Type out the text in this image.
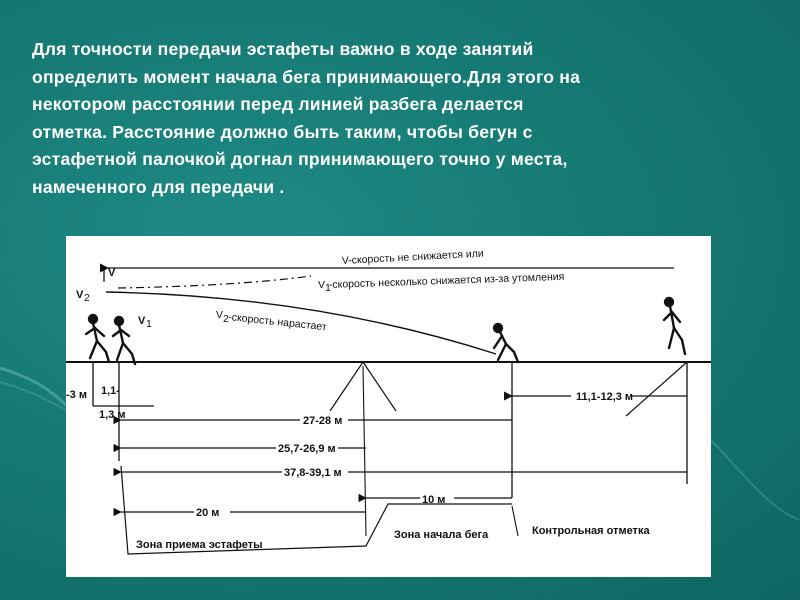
Для точности передачи эстафеты важно в ходе занятий
определить момент начала бега принимающего.Для этого на
некотором расстоянии перед линией разбега делается
отметка. Расстояние должно быть таким, чтобы бегун с
эстафетной палочкой догнал принимающего точно у места,
намеченного для передачи .
V-скорость не снижается или
V 1
-скорость несколько снижается из-за утомления
V 2
-скорость нарастает
V
V 2
V 1
-3 м 1,1-
1,3 м
11,1-12,3 м
27-28 м
25,7-26,9 м
37,8-39,1 м
20 м
10 м
Зона приема эстафеты
Зона начала бега	Контрольная отметка
